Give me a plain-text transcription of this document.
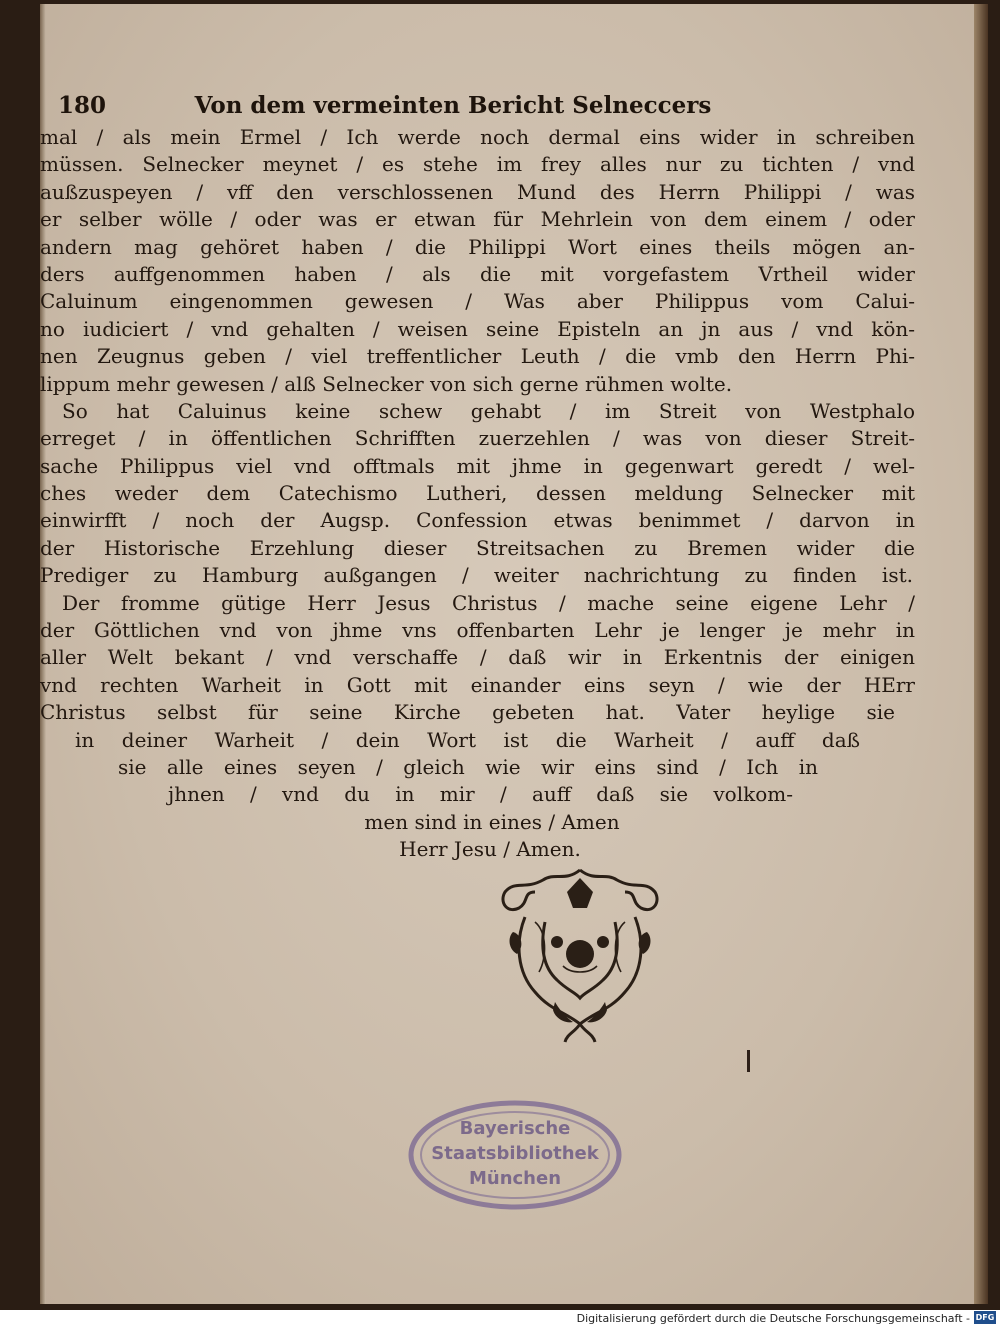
180	Von dem vermeinten Bericht Selneccers
mal / als mein Ermel / Ich werde noch dermal eins wider in schreiben
müssen. Selnecker meynet / es stehe im frey alles nur zu tichten / vnd
außzuspeyen / vff den verschlossenen Mund des Herrn Philippi / was
er selber wölle / oder was er etwan für Mehrlein von dem einem / oder
andern mag gehöret haben / die Philippi Wort eines theils mögen an-
ders auffgenommen haben / als die mit vorgefastem Vrtheil wider
Caluinum eingenommen gewesen / Was aber Philippus vom Calui-
no iudiciert / vnd gehalten / weisen seine Episteln an jn aus / vnd kön-
nen Zeugnus geben / viel treffentlicher Leuth / die vmb den Herrn Phi-
lippum mehr gewesen / alß Selnecker von sich gerne rühmen wolte.
So hat Caluinus keine schew gehabt / im Streit von Westphalo
erreget / in öffentlichen Schrifften zuerzehlen / was von dieser Streit-
sache Philippus viel vnd offtmals mit jhme in gegenwart geredt / wel-
ches weder dem Catechismo Lutheri, dessen meldung Selnecker mit
einwirfft / noch der Augsp. Confession etwas benimmet / darvon in
der Historische Erzehlung dieser Streitsachen zu Bremen wider die
Prediger zu Hamburg außgangen / weiter nachrichtung zu finden ist.
Der fromme gütige Herr Jesus Christus / mache seine eigene Lehr /
der Göttlichen vnd von jhme vns offenbarten Lehr je lenger je mehr in
aller Welt bekant / vnd verschaffe / daß wir in Erkentnis der einigen
vnd rechten Warheit in Gott mit einander eins seyn / wie der HErr
Christus selbst für seine Kirche gebeten hat. Vater heylige sie
in deiner Warheit / dein Wort ist die Warheit / auff daß
sie alle eines seyen / gleich wie wir eins sind / Ich in
jhnen / vnd du in mir / auff daß sie volkom-
men sind in eines / Amen
Herr Jesu / Amen.
Bayerische
Staatsbibliothek
München
Digitalisierung gefördert durch die Deutsche Forschungsgemeinschaft - DFG
